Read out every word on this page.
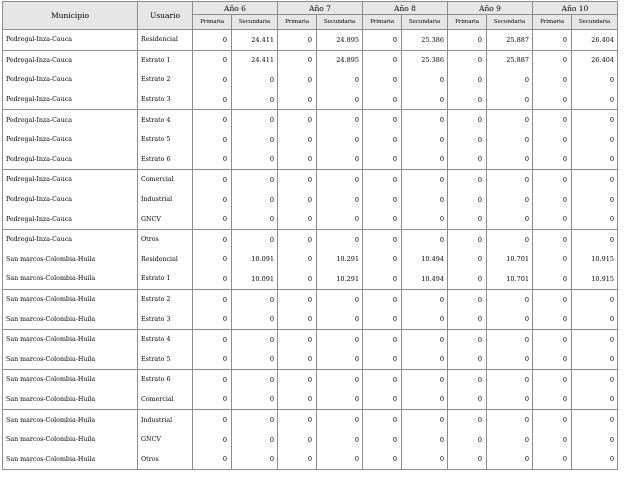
Municipio	Usuario	Año 6		Año 7		Año 8		Año 9		Año 10	
		Primaria	Secundaria	Primaria	Secundaria	Primaria	Secundaria	Primaria	Secundaria	Primaria	Secundaria
Pedregal-Inza-Cauca	Residencial	0	24.411	0	24.895	0	25.386	0	25.887	0	26.404
Pedregal-Inza-Cauca	Estrato 1	0	24.411	0	24.895	0	25.386	0	25.887	0	26.404
Pedregal-Inza-Cauca	Estrato 2	0	0	0	0	0	0	0	0	0	0
Pedregal-Inza-Cauca	Estrato 3	0	0	0	0	0	0	0	0	0	0
Pedregal-Inza-Cauca	Estrato 4	0	0	0	0	0	0	0	0	0	0
Pedregal-Inza-Cauca	Estrato 5	0	0	0	0	0	0	0	0	0	0
Pedregal-Inza-Cauca	Estrato 6	0	0	0	0	0	0	0	0	0	0
Pedregal-Inza-Cauca	Comercial	0	0	0	0	0	0	0	0	0	0
Pedregal-Inza-Cauca	Industrial	0	0	0	0	0	0	0	0	0	0
Pedregal-Inza-Cauca	GNCV	0	0	0	0	0	0	0	0	0	0
Pedregal-Inza-Cauca	Otros	0	0	0	0	0	0	0	0	0	0
San marcos-Colombia-Huila	Residencial	0	10.091	0	10.291	0	10.494	0	10.701	0	10.915
San marcos-Colombia-Huila	Estrato 1	0	10.091	0	10.291	0	10.494	0	10.701	0	10.915
San marcos-Colombia-Huila	Estrato 2	0	0	0	0	0	0	0	0	0	0
San marcos-Colombia-Huila	Estrato 3	0	0	0	0	0	0	0	0	0	0
San marcos-Colombia-Huila	Estrato 4	0	0	0	0	0	0	0	0	0	0
San marcos-Colombia-Huila	Estrato 5	0	0	0	0	0	0	0	0	0	0
San marcos-Colombia-Huila	Estrato 6	0	0	0	0	0	0	0	0	0	0
San marcos-Colombia-Huila	Comercial	0	0	0	0	0	0	0	0	0	0
San marcos-Colombia-Huila	Industrial	0	0	0	0	0	0	0	0	0	0
San marcos-Colombia-Huila	GNCV	0	0	0	0	0	0	0	0	0	0
San marcos-Colombia-Huila	Otros	0	0	0	0	0	0	0	0	0	0
